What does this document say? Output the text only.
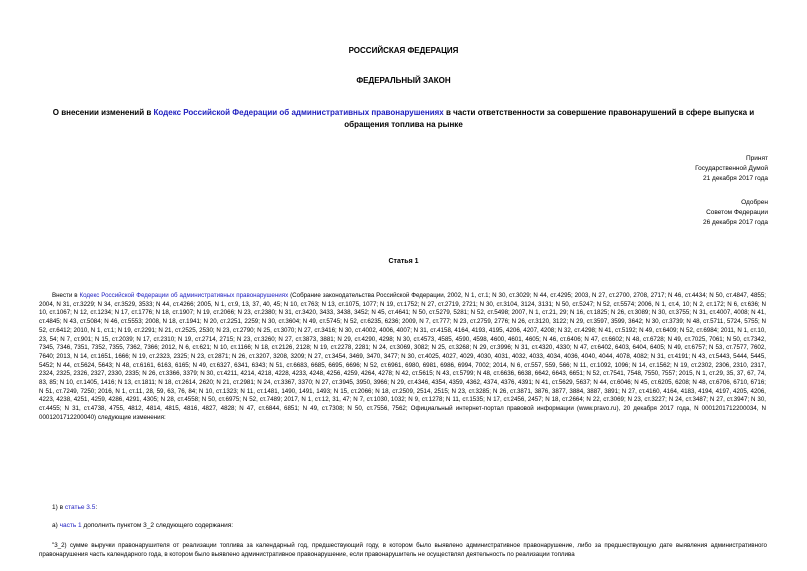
РОССИЙСКАЯ ФЕДЕРАЦИЯ
ФЕДЕРАЛЬНЫЙ ЗАКОН
О внесении изменений в Кодекс Российской Федерации об административных правонарушениях в части ответственности за совершение правонарушений в сфере выпуска и обращения топлива на рынке
Принят
Государственной Думой
21 декабря 2017 года
Одобрен
Советом Федерации
26 декабря 2017 года
Статья 1
Внести в Кодекс Российской Федерации об административных правонарушениях (Собрание законодательства Российской Федерации, 2002, N 1, ст.1; N 30, ст.3029; N 44, ст.4295; 2003, N 27, ст.2700, 2708, 2717; N 46, ст.4434; N 50, ст.4847, 4855; 2004, N 31, ст.3229; N 34, ст.3529, 3533; N 44, ст.4266; 2005, N 1, ст.9, 13, 37, 40, 45; N 10, ст.763; N 13, ст.1075, 1077; N 19, ст.1752; N 27, ст.2719, 2721; N 30, ст.3104, 3124, 3131; N 50, ст.5247; N 52, ст.5574; 2006, N 1, ст.4, 10; N 2, ст.172; N 6, ст.636; N 10, ст.1067; N 12, ст.1234; N 17, ст.1776; N 18, ст.1907; N 19, ст.2066; N 23, ст.2380; N 31, ст.3420, 3433, 3438, 3452; N 45, ст.4641; N 50, ст.5279, 5281; N 52, ст.5498; 2007, N 1, ст.21, 29; N 16, ст.1825; N 26, ст.3089; N 30, ст.3755; N 31, ст.4007, 4008; N 41, ст.4845; N 43, ст.5084; N 46, ст.5553; 2008, N 18, ст.1941; N 20, ст.2251, 2259; N 30, ст.3604; N 49, ст.5745; N 52, ст.6235, 6236; 2009, N 7, ст.777; N 23, ст.2759, 2776; N 26, ст.3120, 3122; N 29, ст.3597, 3599, 3642; N 30, ст.3739; N 48, ст.5711, 5724, 5755; N 52, ст.6412; 2010, N 1, ст.1; N 19, ст.2291; N 21, ст.2525, 2530; N 23, ст.2790; N 25, ст.3070; N 27, ст.3416; N 30, ст.4002, 4006, 4007; N 31, ст.4158, 4164, 4193, 4195, 4206, 4207, 4208; N 32, ст.4298; N 41, ст.5192; N 49, ст.6409; N 52, ст.6984; 2011, N 1, ст.10, 23, 54; N 7, ст.901; N 15, ст.2039; N 17, ст.2310; N 19, ст.2714, 2715; N 23, ст.3260; N 27, ст.3873, 3881; N 29, ст.4290, 4298; N 30, ст.4573, 4585, 4590, 4598, 4600, 4601, 4605; N 46, ст.6406; N 47, ст.6602; N 48, ст.6728; N 49, ст.7025, 7061; N 50, ст.7342, 7345, 7346, 7351, 7352, 7355, 7362, 7366; 2012, N 6, ст.621; N 10, ст.1166; N 18, ст.2126, 2128; N 19, ст.2278, 2281; N 24, ст.3069, 3082; N 25, ст.3268; N 29, ст.3996; N 31, ст.4320, 4330; N 47, ст.6402, 6403, 6404, 6405; N 49, ст.6757; N 53, ст.7577, 7602, 7640; 2013, N 14, ст.1651, 1666; N 19, ст.2323, 2325; N 23, ст.2871; N 26, ст.3207, 3208, 3209; N 27, ст.3454, 3469, 3470, 3477; N 30, ст.4025, 4027, 4029, 4030, 4031, 4032, 4033, 4034, 4036, 4040, 4044, 4078, 4082; N 31, ст.4191; N 43, ст.5443, 5444, 5445, 5452; N 44, ст.5624, 5643; N 48, ст.6161, 6163, 6165; N 49, ст.6327, 6341, 6343; N 51, ст.6683, 6685, 6695, 6696; N 52, ст.6961, 6980, 6981, 6986, 6994, 7002; 2014, N 6, ст.557, 559, 566; N 11, ст.1092, 1096; N 14, ст.1562; N 19, ст.2302, 2306, 2310, 2317, 2324, 2325, 2326, 2327, 2330, 2335; N 26, ст.3366, 3379; N 30, ст.4211, 4214, 4218, 4228, 4233, 4248, 4256, 4259, 4264, 4278; N 42, ст.5615; N 43, ст.5799; N 48, ст.6636, 6638, 6642, 6643, 6651; N 52, ст.7541, 7548, 7550, 7557; 2015, N 1, ст.29, 35, 37, 67, 74, 83, 85; N 10, ст.1405, 1416; N 13, ст.1811; N 18, ст.2614, 2620; N 21, ст.2981; N 24, ст.3367, 3370; N 27, ст.3945, 3950, 3966; N 29, ст.4346, 4354, 4359, 4362, 4374, 4376, 4391; N 41, ст.5629, 5637; N 44, ст.6046; N 45, ст.6205, 6208; N 48, ст.6706, 6710, 6716; N 51, ст.7249, 7250; 2016, N 1, ст.11, 28, 59, 63, 76, 84; N 10, ст.1323; N 11, ст.1481, 1490, 1491, 1493; N 15, ст.2066; N 18, ст.2509, 2514, 2515; N 23, ст.3285; N 26, ст.3871, 3876, 3877, 3884, 3887, 3891; N 27, ст.4160, 4164, 4183, 4194, 4197, 4205, 4206, 4223, 4238, 4251, 4259, 4286, 4291, 4305; N 28, ст.4558; N 50, ст.6975; N 52, ст.7489; 2017, N 1, ст.12, 31, 47; N 7, ст.1030, 1032; N 9, ст.1278; N 11, ст.1535; N 17, ст.2456, 2457; N 18, ст.2664; N 22, ст.3069; N 23, ст.3227; N 24, ст.3487; N 27, ст.3947; N 30, ст.4455; N 31, ст.4738, 4755, 4812, 4814, 4815, 4816, 4827, 4828; N 47, ст.6844, 6851; N 49, ст.7308; N 50, ст.7556, 7562; Официальный интернет-портал правовой информации (www.pravo.ru), 20 декабря 2017 года, N 0001201712200034, N 0001201712200040) следующие изменения:
1) в статье 3.5:
а) часть 1 дополнить пунктом 3_2 следующего содержания:
"3_2) сумме выручки правонарушителя от реализации топлива за календарный год, предшествующий году, в котором было выявлено административное правонарушение, либо за предшествующую дате выявления административного правонарушения часть календарного года, в котором было выявлено административное правонарушение, если правонарушитель не осуществлял деятельность по реализации топлива
